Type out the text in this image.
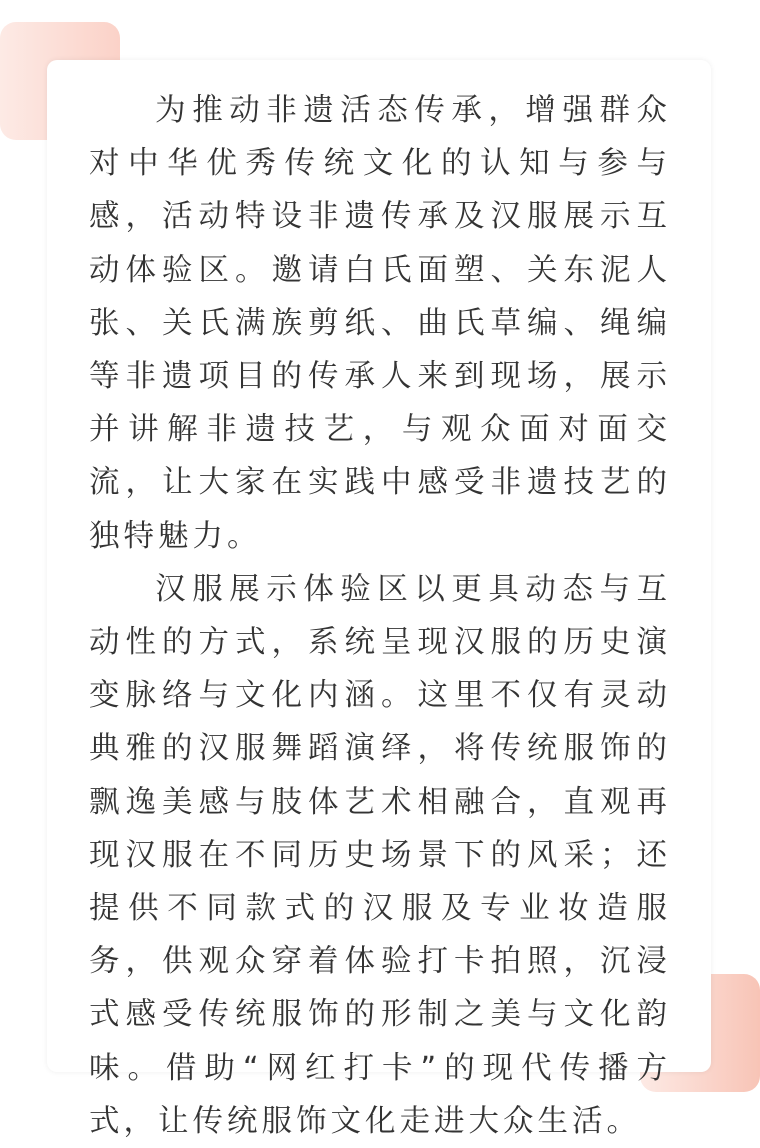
为推动非遗活态传承，增强群众对中华优秀传统文化的认知与参与感，活动特设非遗传承及汉服展示互动体验区。邀请白氏面塑、关东泥人张、关氏满族剪纸、曲氏草编、绳编等非遗项目的传承人来到现场，展示并讲解非遗技艺，与观众面对面交流，让大家在实践中感受非遗技艺的独特魅力。

汉服展示体验区以更具动态与互动性的方式，系统呈现汉服的历史演变脉络与文化内涵。这里不仅有灵动典雅的汉服舞蹈演绎，将传统服饰的飘逸美感与肢体艺术相融合，直观再现汉服在不同历史场景下的风采；还提供不同款式的汉服及专业妆造服务，供观众穿着体验打卡拍照，沉浸式感受传统服饰的形制之美与文化韵味。借助“网红打卡”的现代传播方式，让传统服饰文化走进大众生活。
